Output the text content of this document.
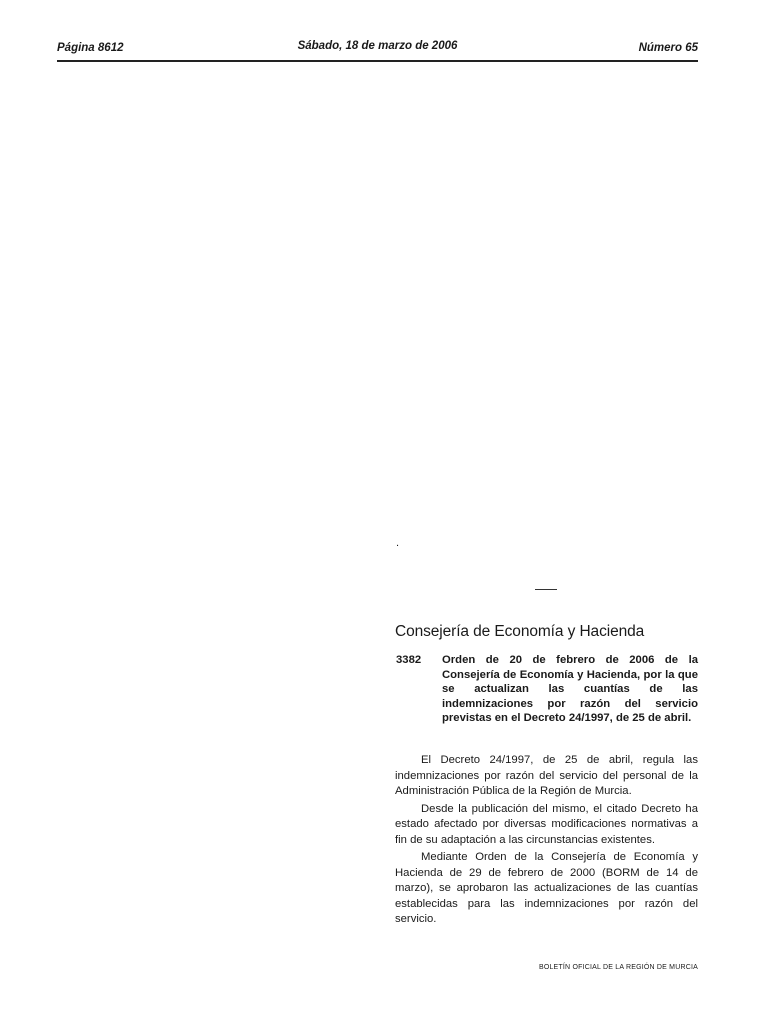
Página 8612	Sábado, 18 de marzo de 2006	Número 65
.
Consejería de Economía y Hacienda
3382 Orden de 20 de febrero de 2006 de la Consejería de Economía y Hacienda, por la que se actualizan las cuantías de las indemnizaciones por razón del servicio previstas en el Decreto 24/1997, de 25 de abril.

El Decreto 24/1997, de 25 de abril, regula las indemnizaciones por razón del servicio del personal de la Administración Pública de la Región de Murcia.

Desde la publicación del mismo, el citado Decreto ha estado afectado por diversas modificaciones normativas a fin de su adaptación a las circunstancias existentes.

Mediante Orden de la Consejería de Economía y Hacienda de 29 de febrero de 2000 (BORM de 14 de marzo), se aprobaron las actualizaciones de las cuantías establecidas para las indemnizaciones por razón del servicio.

BOLETÍN OFICIAL DE LA REGIÓN DE MURCIA
